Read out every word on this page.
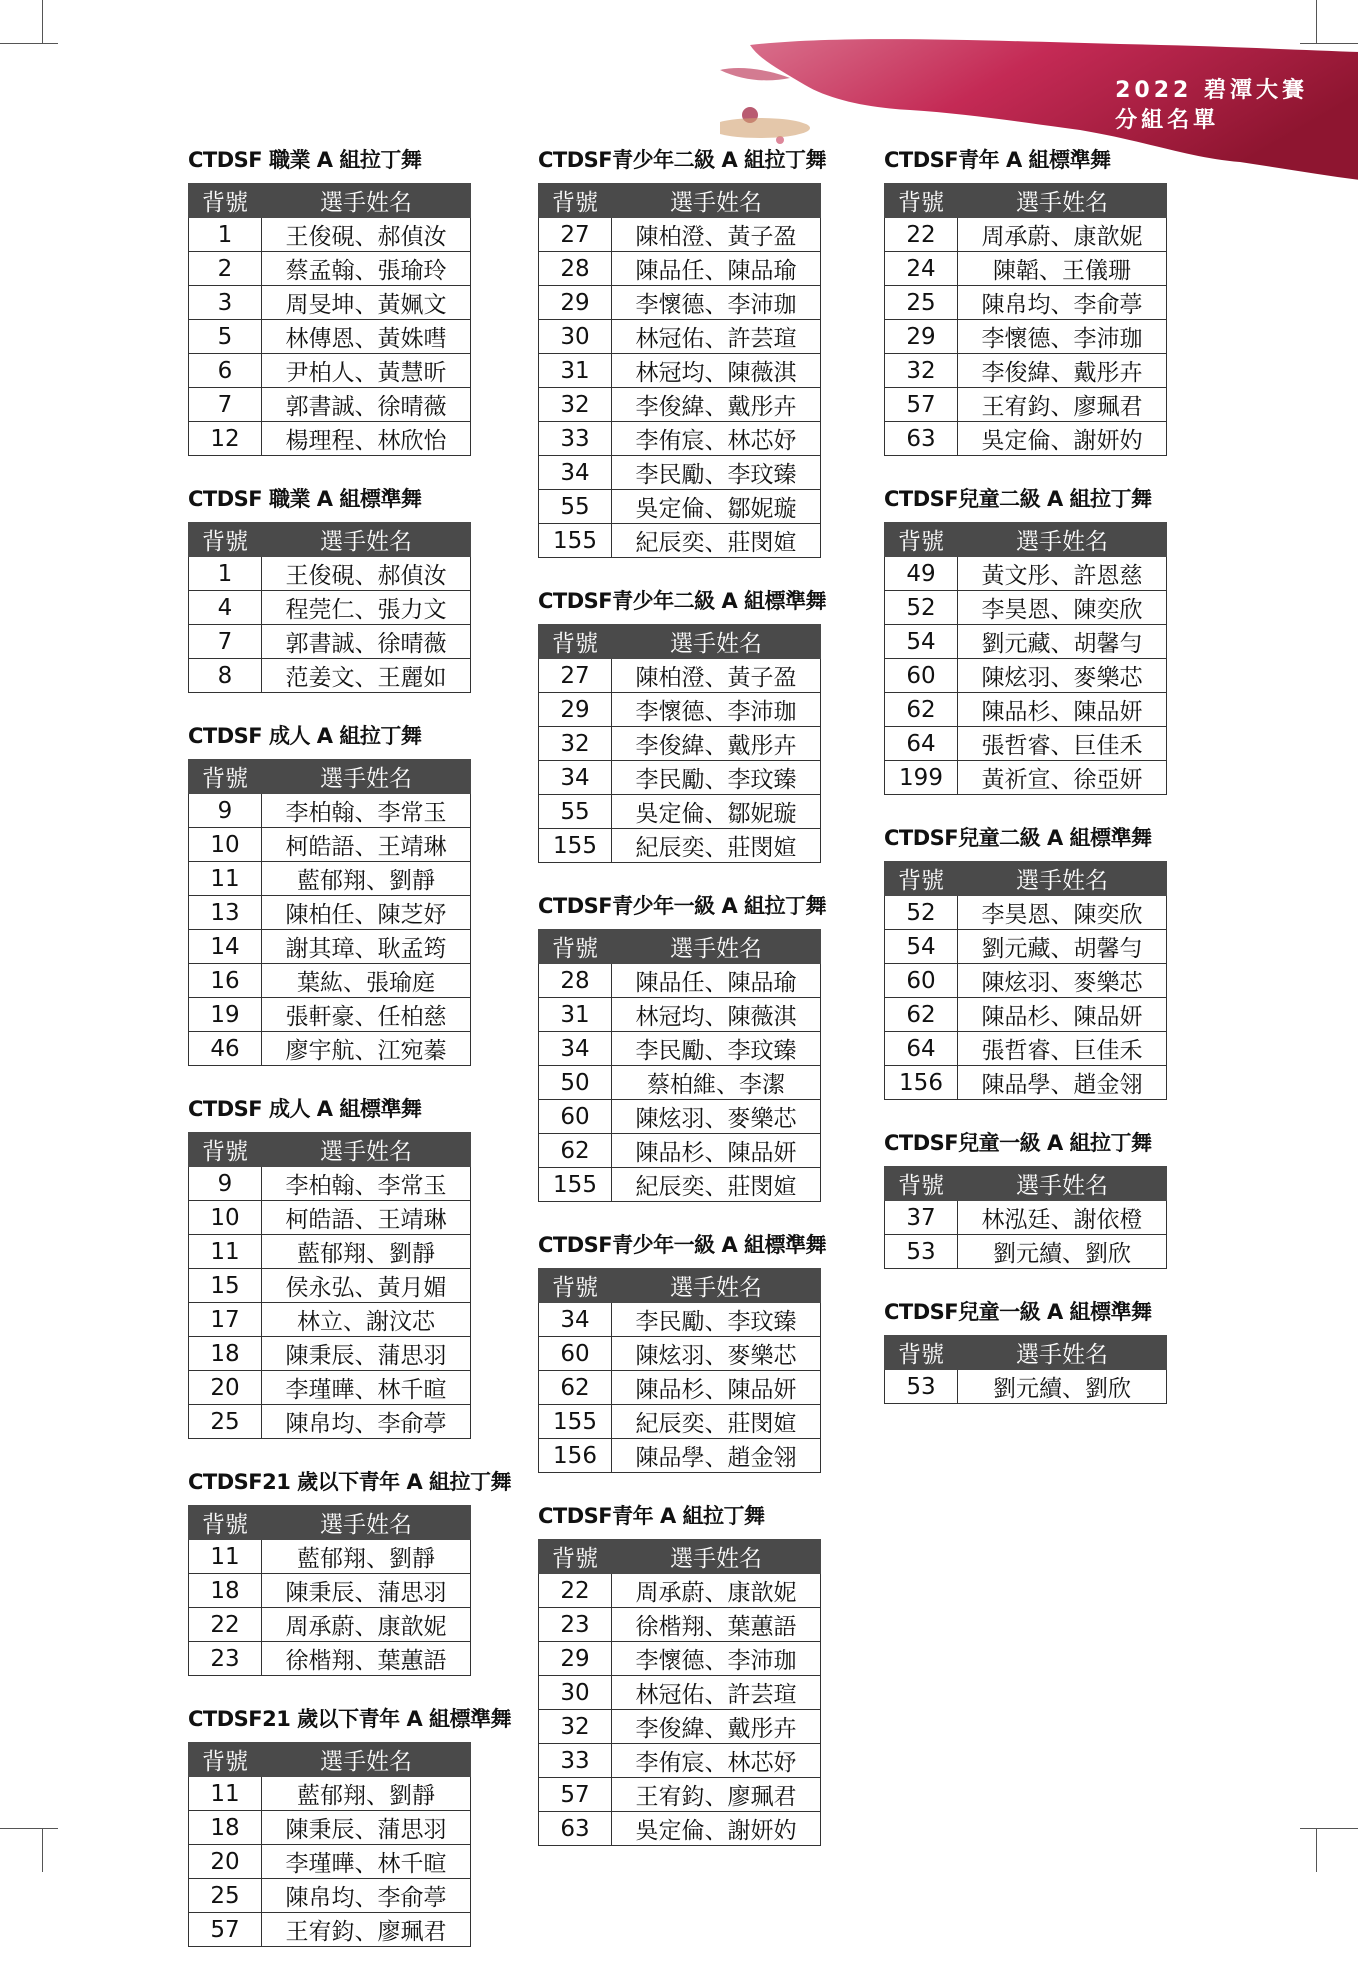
2022 碧潭大賽
分組名單
CTDSF 職業 A 組拉丁舞
背號	選手姓名
1	王俊硯、郝偵汝
2	蔡孟翰、張瑜玲
3	周旻坤、黃姵文
5	林傳恩、黃姝嘒
6	尹柏人、黃慧昕
7	郭書誠、徐晴薇
12	楊理程、林欣怡
CTDSF 職業 A 組標準舞
背號	選手姓名
1	王俊硯、郝偵汝
4	程莞仁、張力文
7	郭書誠、徐晴薇
8	范姜文、王麗如
CTDSF 成人 A 組拉丁舞
背號	選手姓名
9	李柏翰、李常玉
10	柯皓語、王靖琳
11	藍郁翔、劉靜
13	陳柏任、陳芝妤
14	謝其璋、耿孟筠
16	葉紘、張瑜庭
19	張軒豪、任柏慈
46	廖宇航、江宛蓁
CTDSF 成人 A 組標準舞
背號	選手姓名
9	李柏翰、李常玉
10	柯皓語、王靖琳
11	藍郁翔、劉靜
15	侯永弘、黃月媚
17	林立、謝汶芯
18	陳秉辰、蒲思羽
20	李瑾曄、林千暄
25	陳帛均、李俞葶
CTDSF21 歲以下青年 A 組拉丁舞
背號	選手姓名
11	藍郁翔、劉靜
18	陳秉辰、蒲思羽
22	周承蔚、康歆妮
23	徐楷翔、葉蕙語
CTDSF21 歲以下青年 A 組標準舞
背號	選手姓名
11	藍郁翔、劉靜
18	陳秉辰、蒲思羽
20	李瑾曄、林千暄
25	陳帛均、李俞葶
57	王宥鈞、廖珮君
CTDSF青少年二級 A 組拉丁舞
背號	選手姓名
27	陳柏澄、黃子盈
28	陳品任、陳品瑜
29	李懷德、李沛珈
30	林冠佑、許芸瑄
31	林冠均、陳薇淇
32	李俊緯、戴彤卉
33	李侑宸、林芯妤
34	李民勵、李玟臻
55	吳定倫、鄒妮璇
155	紀辰奕、莊閔媗
CTDSF青少年二級 A 組標準舞
背號	選手姓名
27	陳柏澄、黃子盈
29	李懷德、李沛珈
32	李俊緯、戴彤卉
34	李民勵、李玟臻
55	吳定倫、鄒妮璇
155	紀辰奕、莊閔媗
CTDSF青少年一級 A 組拉丁舞
背號	選手姓名
28	陳品任、陳品瑜
31	林冠均、陳薇淇
34	李民勵、李玟臻
50	蔡柏維、李潔
60	陳炫羽、麥樂芯
62	陳品杉、陳品妍
155	紀辰奕、莊閔媗
CTDSF青少年一級 A 組標準舞
背號	選手姓名
34	李民勵、李玟臻
60	陳炫羽、麥樂芯
62	陳品杉、陳品妍
155	紀辰奕、莊閔媗
156	陳品學、趙金翎
CTDSF青年 A 組拉丁舞
背號	選手姓名
22	周承蔚、康歆妮
23	徐楷翔、葉蕙語
29	李懷德、李沛珈
30	林冠佑、許芸瑄
32	李俊緯、戴彤卉
33	李侑宸、林芯妤
57	王宥鈞、廖珮君
63	吳定倫、謝妍妁
CTDSF青年 A 組標準舞
背號	選手姓名
22	周承蔚、康歆妮
24	陳韜、王儀珊
25	陳帛均、李俞葶
29	李懷德、李沛珈
32	李俊緯、戴彤卉
57	王宥鈞、廖珮君
63	吳定倫、謝妍妁
CTDSF兒童二級 A 組拉丁舞
背號	選手姓名
49	黃文彤、許恩慈
52	李昊恩、陳奕欣
54	劉元藏、胡馨勻
60	陳炫羽、麥樂芯
62	陳品杉、陳品妍
64	張哲睿、巨佳禾
199	黃祈宣、徐亞妍
CTDSF兒童二級 A 組標準舞
背號	選手姓名
52	李昊恩、陳奕欣
54	劉元藏、胡馨勻
60	陳炫羽、麥樂芯
62	陳品杉、陳品妍
64	張哲睿、巨佳禾
156	陳品學、趙金翎
CTDSF兒童一級 A 組拉丁舞
背號	選手姓名
37	林泓廷、謝依橙
53	劉元續、劉欣
CTDSF兒童一級 A 組標準舞
背號	選手姓名
53	劉元續、劉欣
